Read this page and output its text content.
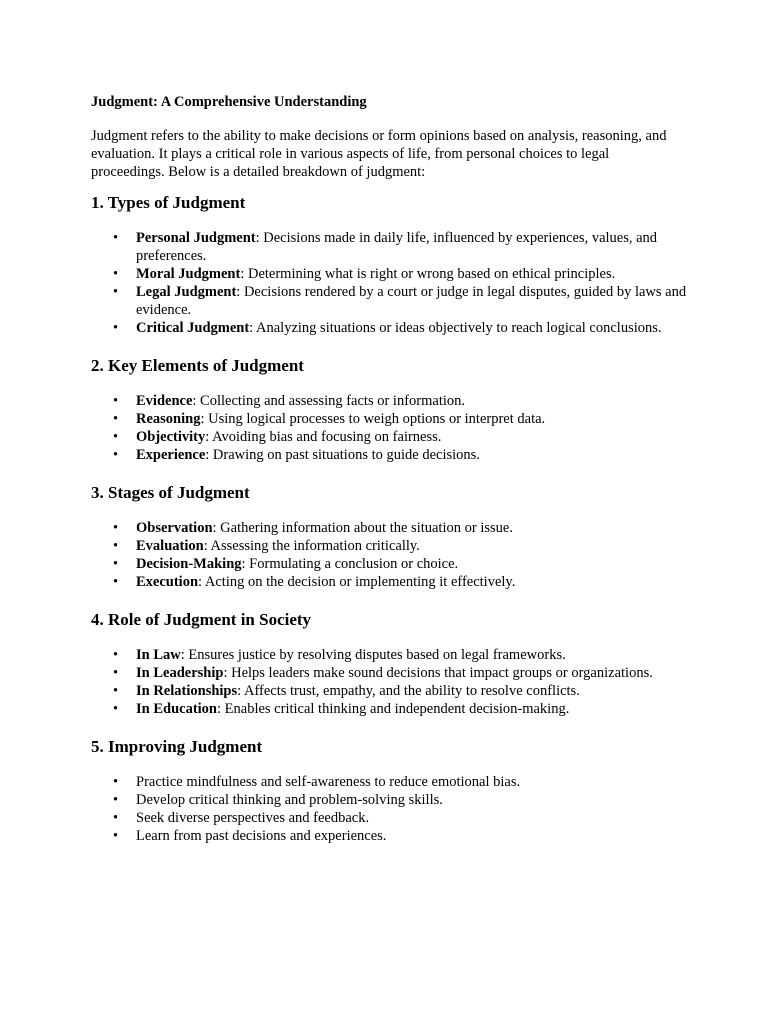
Judgment: A Comprehensive Understanding

Judgment refers to the ability to make decisions or form opinions based on analysis, reasoning, and evaluation. It plays a critical role in various aspects of life, from personal choices to legal proceedings. Below is a detailed breakdown of judgment:

1. Types of Judgment
• Personal Judgment: Decisions made in daily life, influenced by experiences, values, and preferences.
• Moral Judgment: Determining what is right or wrong based on ethical principles.
• Legal Judgment: Decisions rendered by a court or judge in legal disputes, guided by laws and evidence.
• Critical Judgment: Analyzing situations or ideas objectively to reach logical conclusions.
2. Key Elements of Judgment
• Evidence: Collecting and assessing facts or information.
• Reasoning: Using logical processes to weigh options or interpret data.
• Objectivity: Avoiding bias and focusing on fairness.
• Experience: Drawing on past situations to guide decisions.
3. Stages of Judgment
• Observation: Gathering information about the situation or issue.
• Evaluation: Assessing the information critically.
• Decision-Making: Formulating a conclusion or choice.
• Execution: Acting on the decision or implementing it effectively.
4. Role of Judgment in Society
• In Law: Ensures justice by resolving disputes based on legal frameworks.
• In Leadership: Helps leaders make sound decisions that impact groups or organizations.
• In Relationships: Affects trust, empathy, and the ability to resolve conflicts.
• In Education: Enables critical thinking and independent decision-making.
5. Improving Judgment
• Practice mindfulness and self-awareness to reduce emotional bias.
• Develop critical thinking and problem-solving skills.
• Seek diverse perspectives and feedback.
• Learn from past decisions and experiences.
